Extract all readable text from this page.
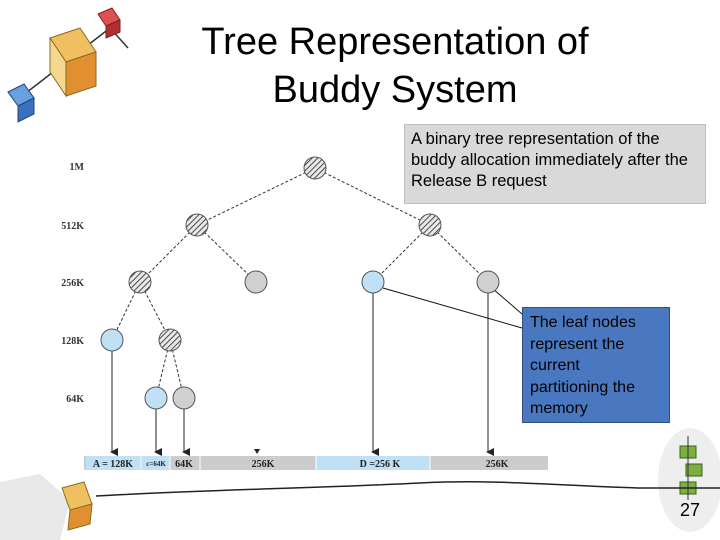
A = 128K c=64K 64K	256K	D =256 K	256K
Tree Representation of
Buddy System
1M
512K
256K
128K
64K
A binary tree representation of the buddy allocation immediately after the Release B request
The leaf nodes represent the current partitioning the memory
27
